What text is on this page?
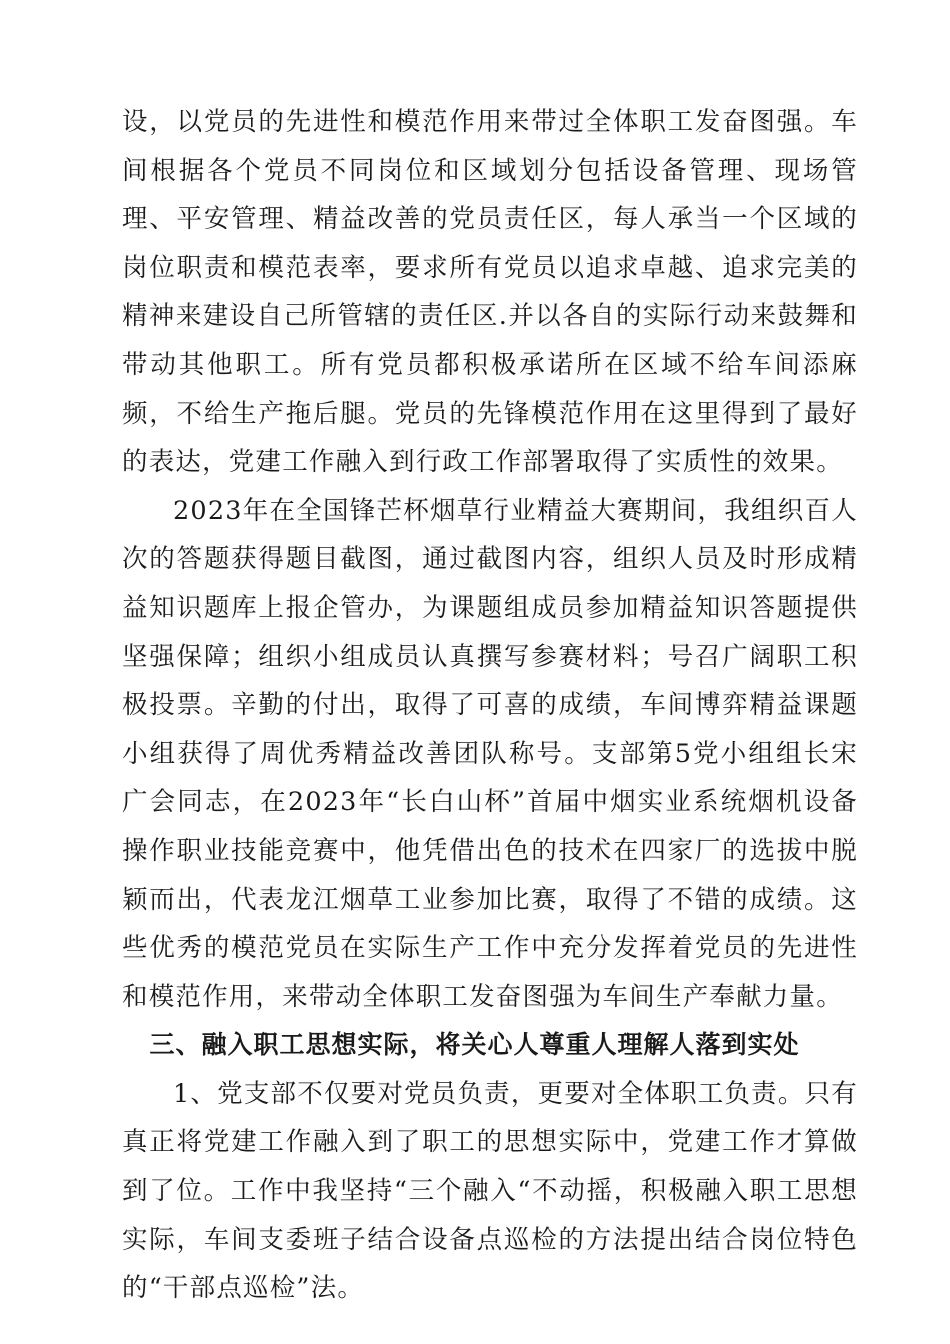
设，以党员的先进性和模范作用来带过全体职工发奋图强。车间根据各个党员不同岗位和区域划分包括设备管理、现场管理、平安管理、精益改善的党员责任区，每人承当一个区域的岗位职责和模范表率，要求所有党员以追求卓越、追求完美的精神来建设自己所管辖的责任区.并以各自的实际行动来鼓舞和带动其他职工。所有党员都积极承诺所在区域不给车间添麻频，不给生产拖后腿。党员的先锋模范作用在这里得到了最好的表达，党建工作融入到行政工作部署取得了实质性的效果。

2023年在全国锋芒杯烟草行业精益大赛期间，我组织百人次的答题获得题目截图，通过截图内容，组织人员及时形成精益知识题库上报企管办，为课题组成员参加精益知识答题提供坚强保障；组织小组成员认真撰写参赛材料；号召广阔职工积极投票。辛勤的付出，取得了可喜的成绩，车间博弈精益课题小组获得了周优秀精益改善团队称号。支部第5党小组组长宋广会同志，在2023年“长白山杯”首届中烟实业系统烟机设备操作职业技能竞赛中，他凭借出色的技术在四家厂的选拔中脱颖而出，代表龙江烟草工业参加比赛，取得了不错的成绩。这些优秀的模范党员在实际生产工作中充分发挥着党员的先进性和模范作用，来带动全体职工发奋图强为车间生产奉献力量。

三、融入职工思想实际，将关心人尊重人理解人落到实处

1、党支部不仅要对党员负责，更要对全体职工负责。只有真正将党建工作融入到了职工的思想实际中，党建工作才算做到了位。工作中我坚持“三个融入“不动摇，积极融入职工思想实际，车间支委班子结合设备点巡检的方法提出结合岗位特色的“干部点巡检”法。
